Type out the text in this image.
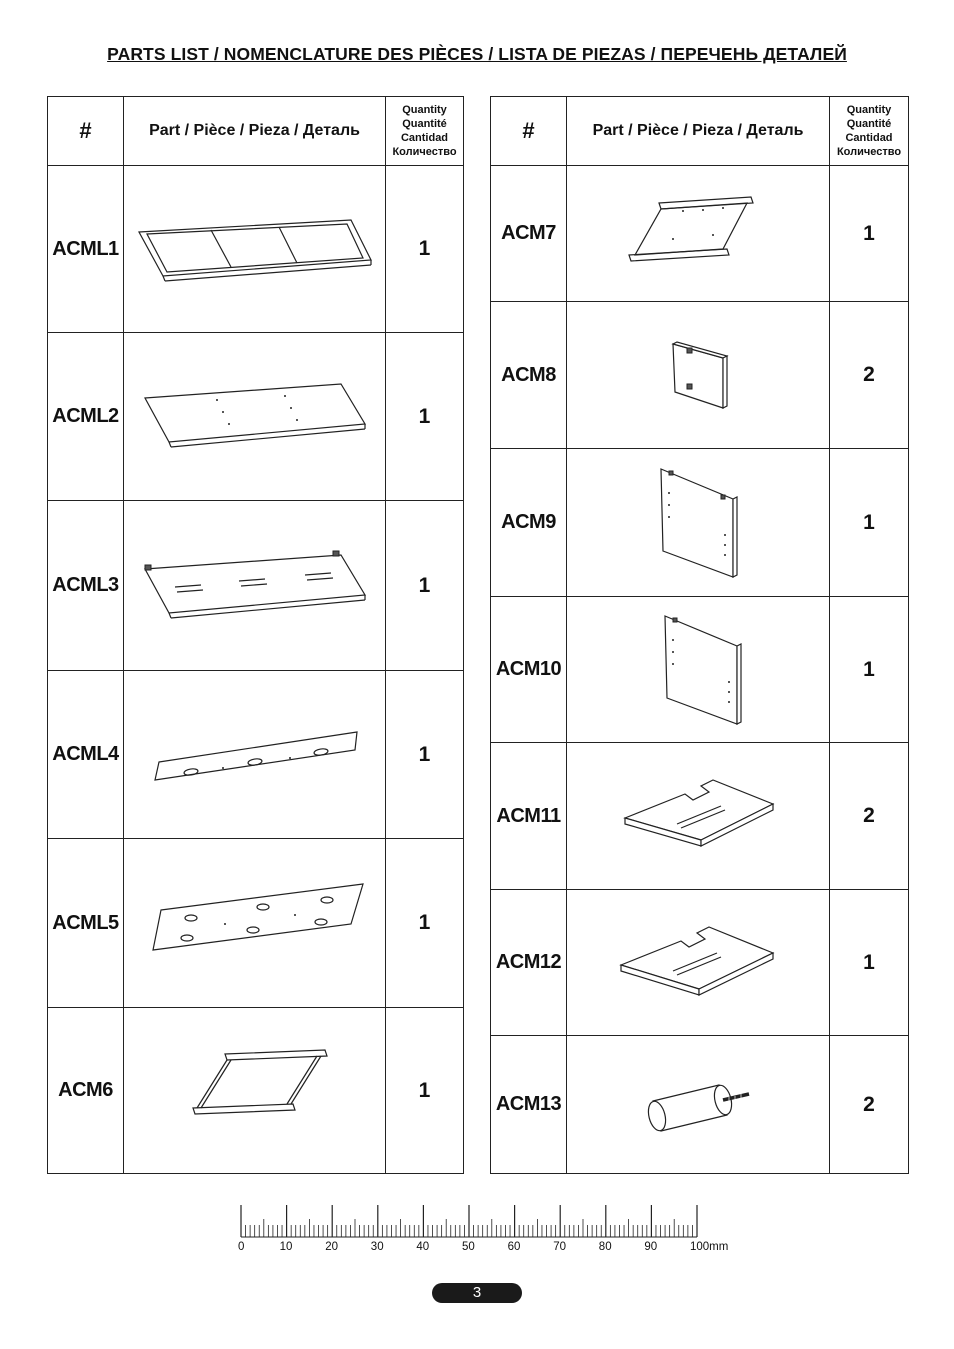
PARTS LIST / NOMENCLATURE DES PIÈCES / LISTA DE PIEZAS / ПЕРЕЧЕНЬ ДЕТАЛЕЙ
#	Part / Pièce / Pieza / Деталь	Quantity
Quantité
Cantidad
Количество

ACML1		1
ACML2		1
ACML3		1
ACML4		1
ACML5		1
ACM6		1
#	Part / Pièce / Pieza / Деталь	Quantity
Quantité
Cantidad
Количество

ACM7		1
ACM8		2
ACM9		1
ACM10		1
ACM11		2
ACM12		1
ACM13		2
0	10	20	30	40	50	60	70	80	90	100mm
3
